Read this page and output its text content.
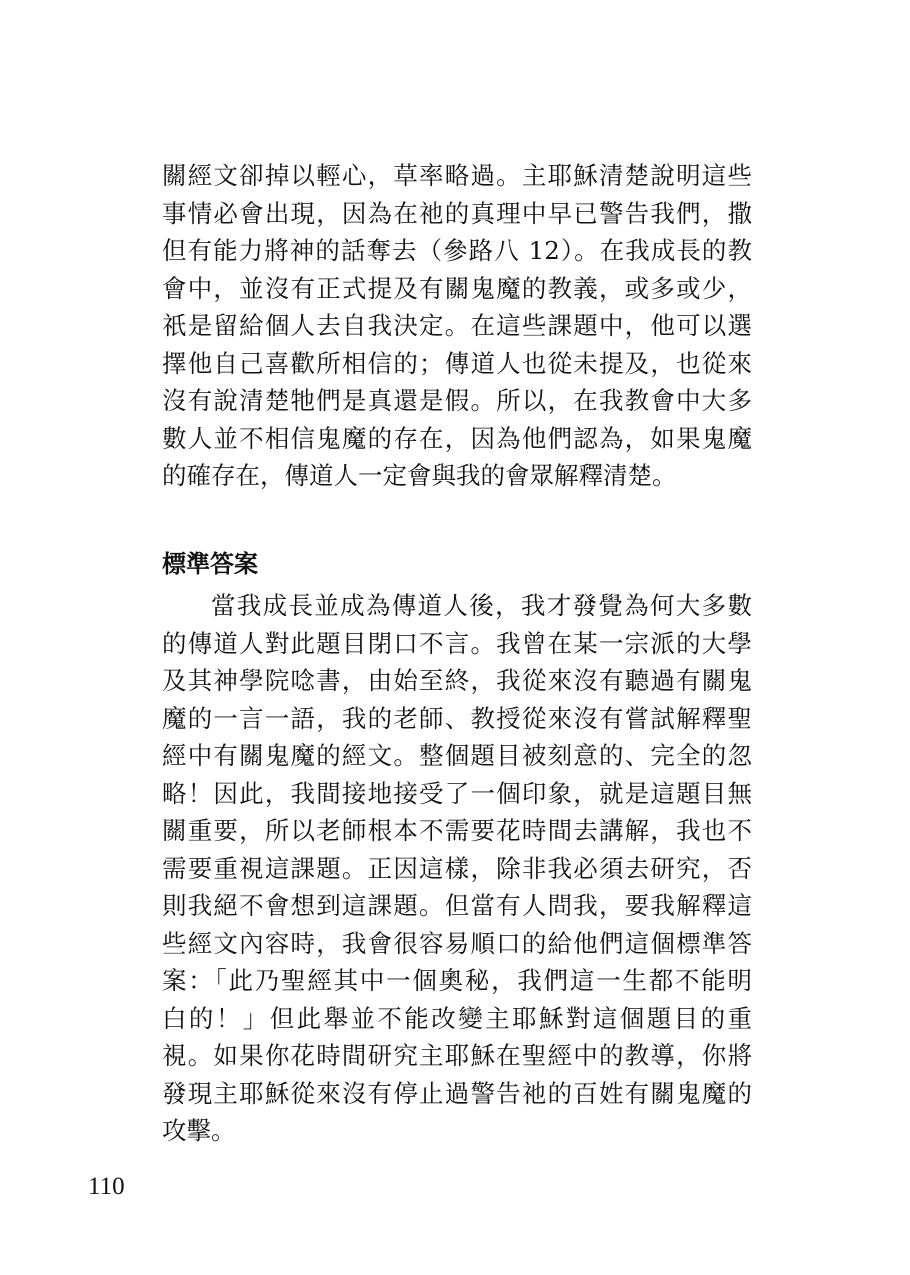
關經文卻掉以輕心，草率略過。主耶穌清楚說明這些
事情必會出現，因為在祂的真理中早已警告我們，撒
但有能力將神的話奪去（參路八 12）。在我成長的教
會中，並沒有正式提及有關鬼魔的教義，或多或少，
祇是留給個人去自我決定。在這些課題中，他可以選
擇他自己喜歡所相信的；傳道人也從未提及，也從來
沒有說清楚牠們是真還是假。所以，在我教會中大多
數人並不相信鬼魔的存在，因為他們認為，如果鬼魔
的確存在，傳道人一定會與我的會眾解釋清楚。
標準答案
當我成長並成為傳道人後，我才發覺為何大多數
的傳道人對此題目閉口不言。我曾在某一宗派的大學
及其神學院唸書，由始至終，我從來沒有聽過有關鬼
魔的一言一語，我的老師、教授從來沒有嘗試解釋聖
經中有關鬼魔的經文。整個題目被刻意的、完全的忽
略！因此，我間接地接受了一個印象，就是這題目無
關重要，所以老師根本不需要花時間去講解，我也不
需要重視這課題。正因這樣，除非我必須去研究，否
則我絕不會想到這課題。但當有人問我，要我解釋這
些經文內容時，我會很容易順口的給他們這個標準答
案：「此乃聖經其中一個奧秘，我們這一生都不能明
白的！」但此舉並不能改變主耶穌對這個題目的重
視。如果你花時間研究主耶穌在聖經中的教導，你將
發現主耶穌從來沒有停止過警告祂的百姓有關鬼魔的
攻擊。
110
